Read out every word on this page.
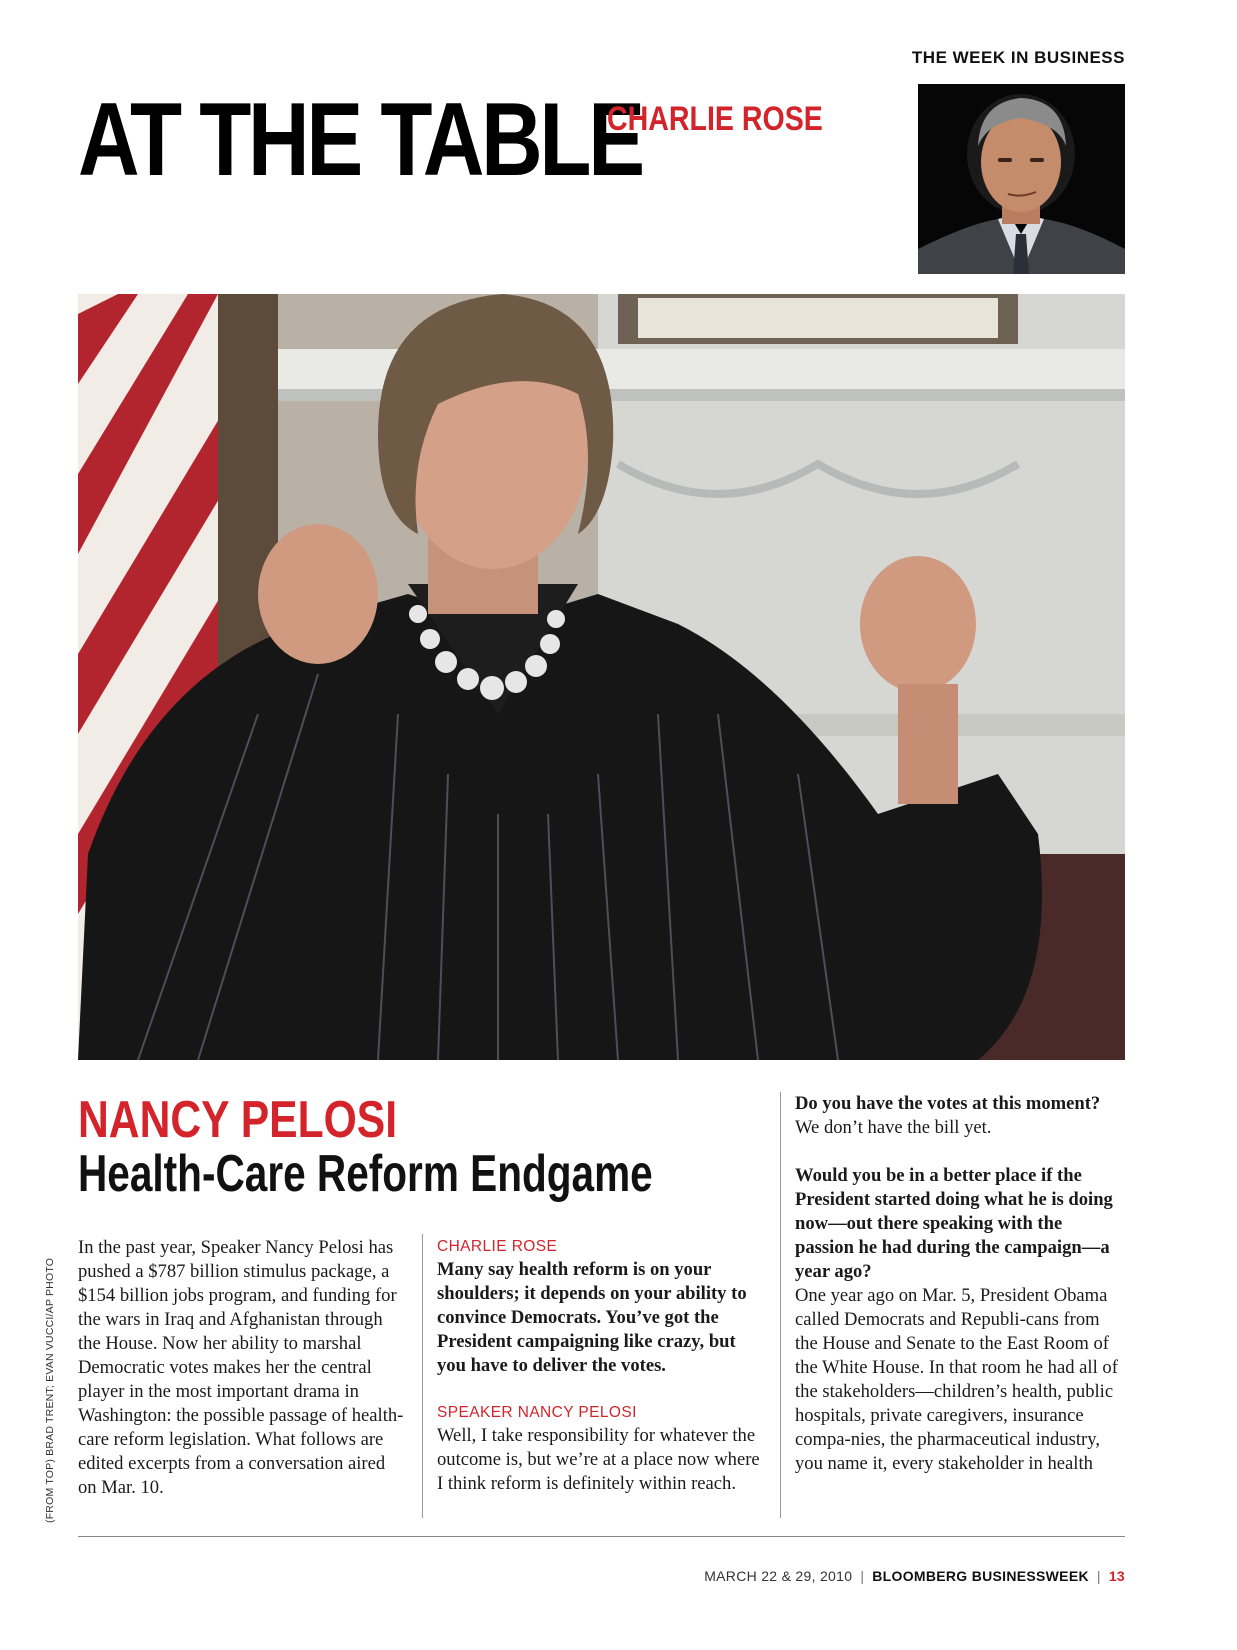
THE WEEK IN BUSINESS
AT THE TABLE
CHARLIE ROSE
NANCY PELOSI
Health-Care Reform Endgame
(FROM TOP) BRAD TRENT; EVAN VUCCI/AP PHOTO
In the past year, Speaker Nancy Pelosi has pushed a $787 billion stimulus package, a $154 billion jobs program, and funding for the wars in Iraq and Afghanistan through the House. Now her ability to marshal Democratic votes makes her the central player in the most important drama in Washington: the possible passage of health-care reform legislation. What follows are edited excerpts from a conversation aired on Mar. 10.
CHARLIE ROSE
Many say health reform is on your shoulders; it depends on your ability to convince Democrats. You’ve got the President campaigning like crazy, but you have to deliver the votes.
SPEAKER NANCY PELOSI
Well, I take responsibility for whatever the outcome is, but we’re at a place now where I think reform is definitely within reach.
Do you have the votes at this moment?
We don’t have the bill yet.
Would you be in a better place if the President started doing what he is doing now—out there speaking with the passion he had during the campaign—a year ago?
One year ago on Mar. 5, President Obama called Democrats and Republi-cans from the House and Senate to the East Room of the White House. In that room he had all of the stakeholders—children’s health, public hospitals, private caregivers, insurance compa-nies, the pharmaceutical industry, you name it, every stakeholder in health
MARCH 22 & 29, 2010 | BLOOMBERG BUSINESSWEEK | 13
